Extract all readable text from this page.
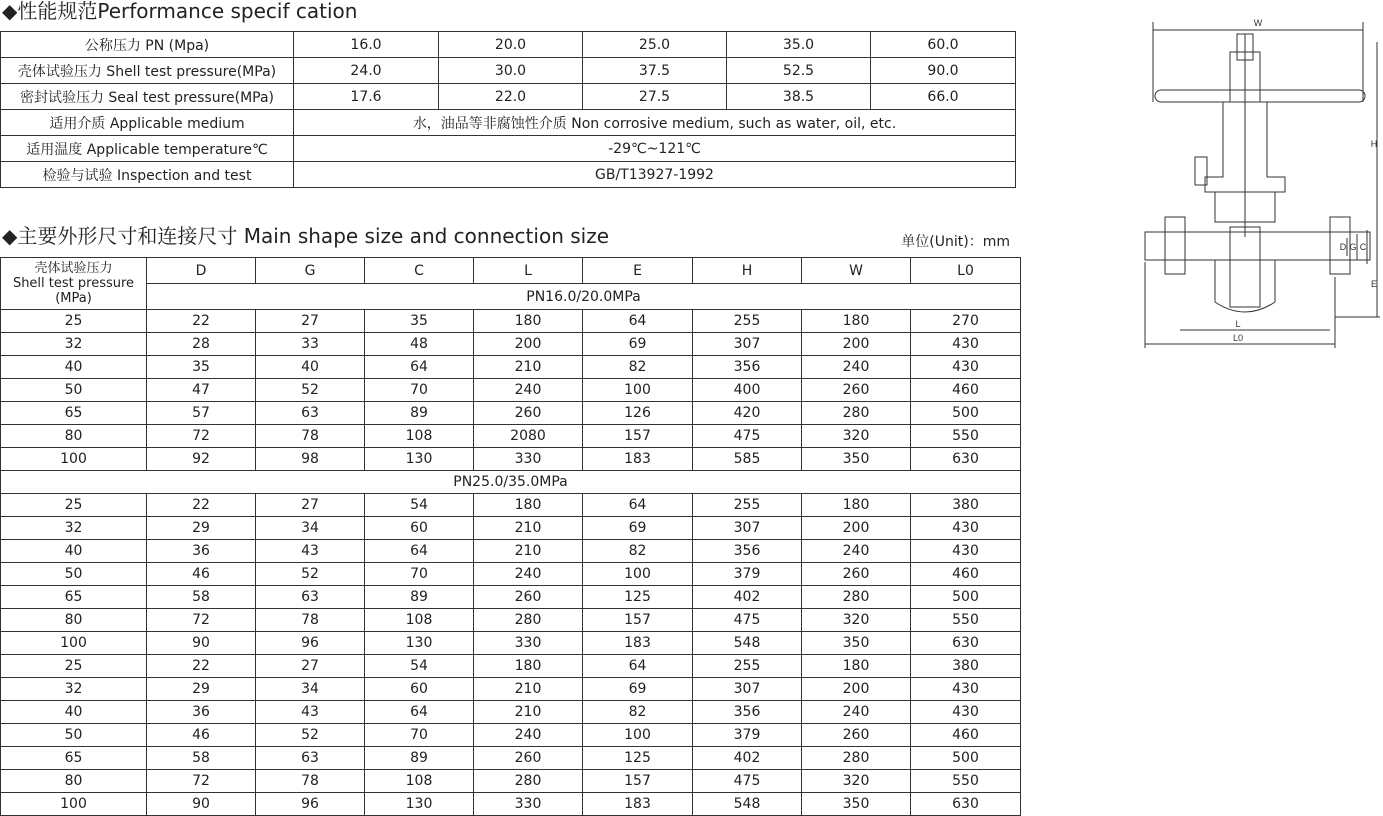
◆性能规范Performance specif cation
公称压力 PN (Mpa)	16.0	20.0	25.0	35.0	60.0
壳体试验压力 Shell test pressure(MPa)	24.0	30.0	37.5	52.5	90.0
密封试验压力 Seal test pressure(MPa)	17.6	22.0	27.5	38.5	66.0
适用介质 Applicable medium	水，油品等非腐蚀性介质 Non corrosive medium, such as water, oil, etc.				
适用温度 Applicable temperature℃	-29℃~121℃				
检验与试验 Inspection and test	GB/T13927-1992				
◆主要外形尺寸和连接尺寸 Main shape size and connection size	单位(Unit)：mm
壳体试验压力
Shell test pressure
(MPa)	D	G	C	L	E	H	W	L0
	PN16.0/20.0MPa							
25	22	27	35	180	64	255	180	270
32	28	33	48	200	69	307	200	430
40	35	40	64	210	82	356	240	430
50	47	52	70	240	100	400	260	460
65	57	63	89	260	126	420	280	500
80	72	78	108	2080	157	475	320	550
100	92	98	130	330	183	585	350	630
PN25.0/35.0MPa								
25	22	27	54	180	64	255	180	380
32	29	34	60	210	69	307	200	430
40	36	43	64	210	82	356	240	430
50	46	52	70	240	100	379	260	460
65	58	63	89	260	125	402	280	500
80	72	78	108	280	157	475	320	550
100	90	96	130	330	183	548	350	630
25	22	27	54	180	64	255	180	380
32	29	34	60	210	69	307	200	430
40	36	43	64	210	82	356	240	430
50	46	52	70	240	100	379	260	460
65	58	63	89	260	125	402	280	500
80	72	78	108	280	157	475	320	550
100	90	96	130	330	183	548	350	630
W
H
D G C
E
L
L0
